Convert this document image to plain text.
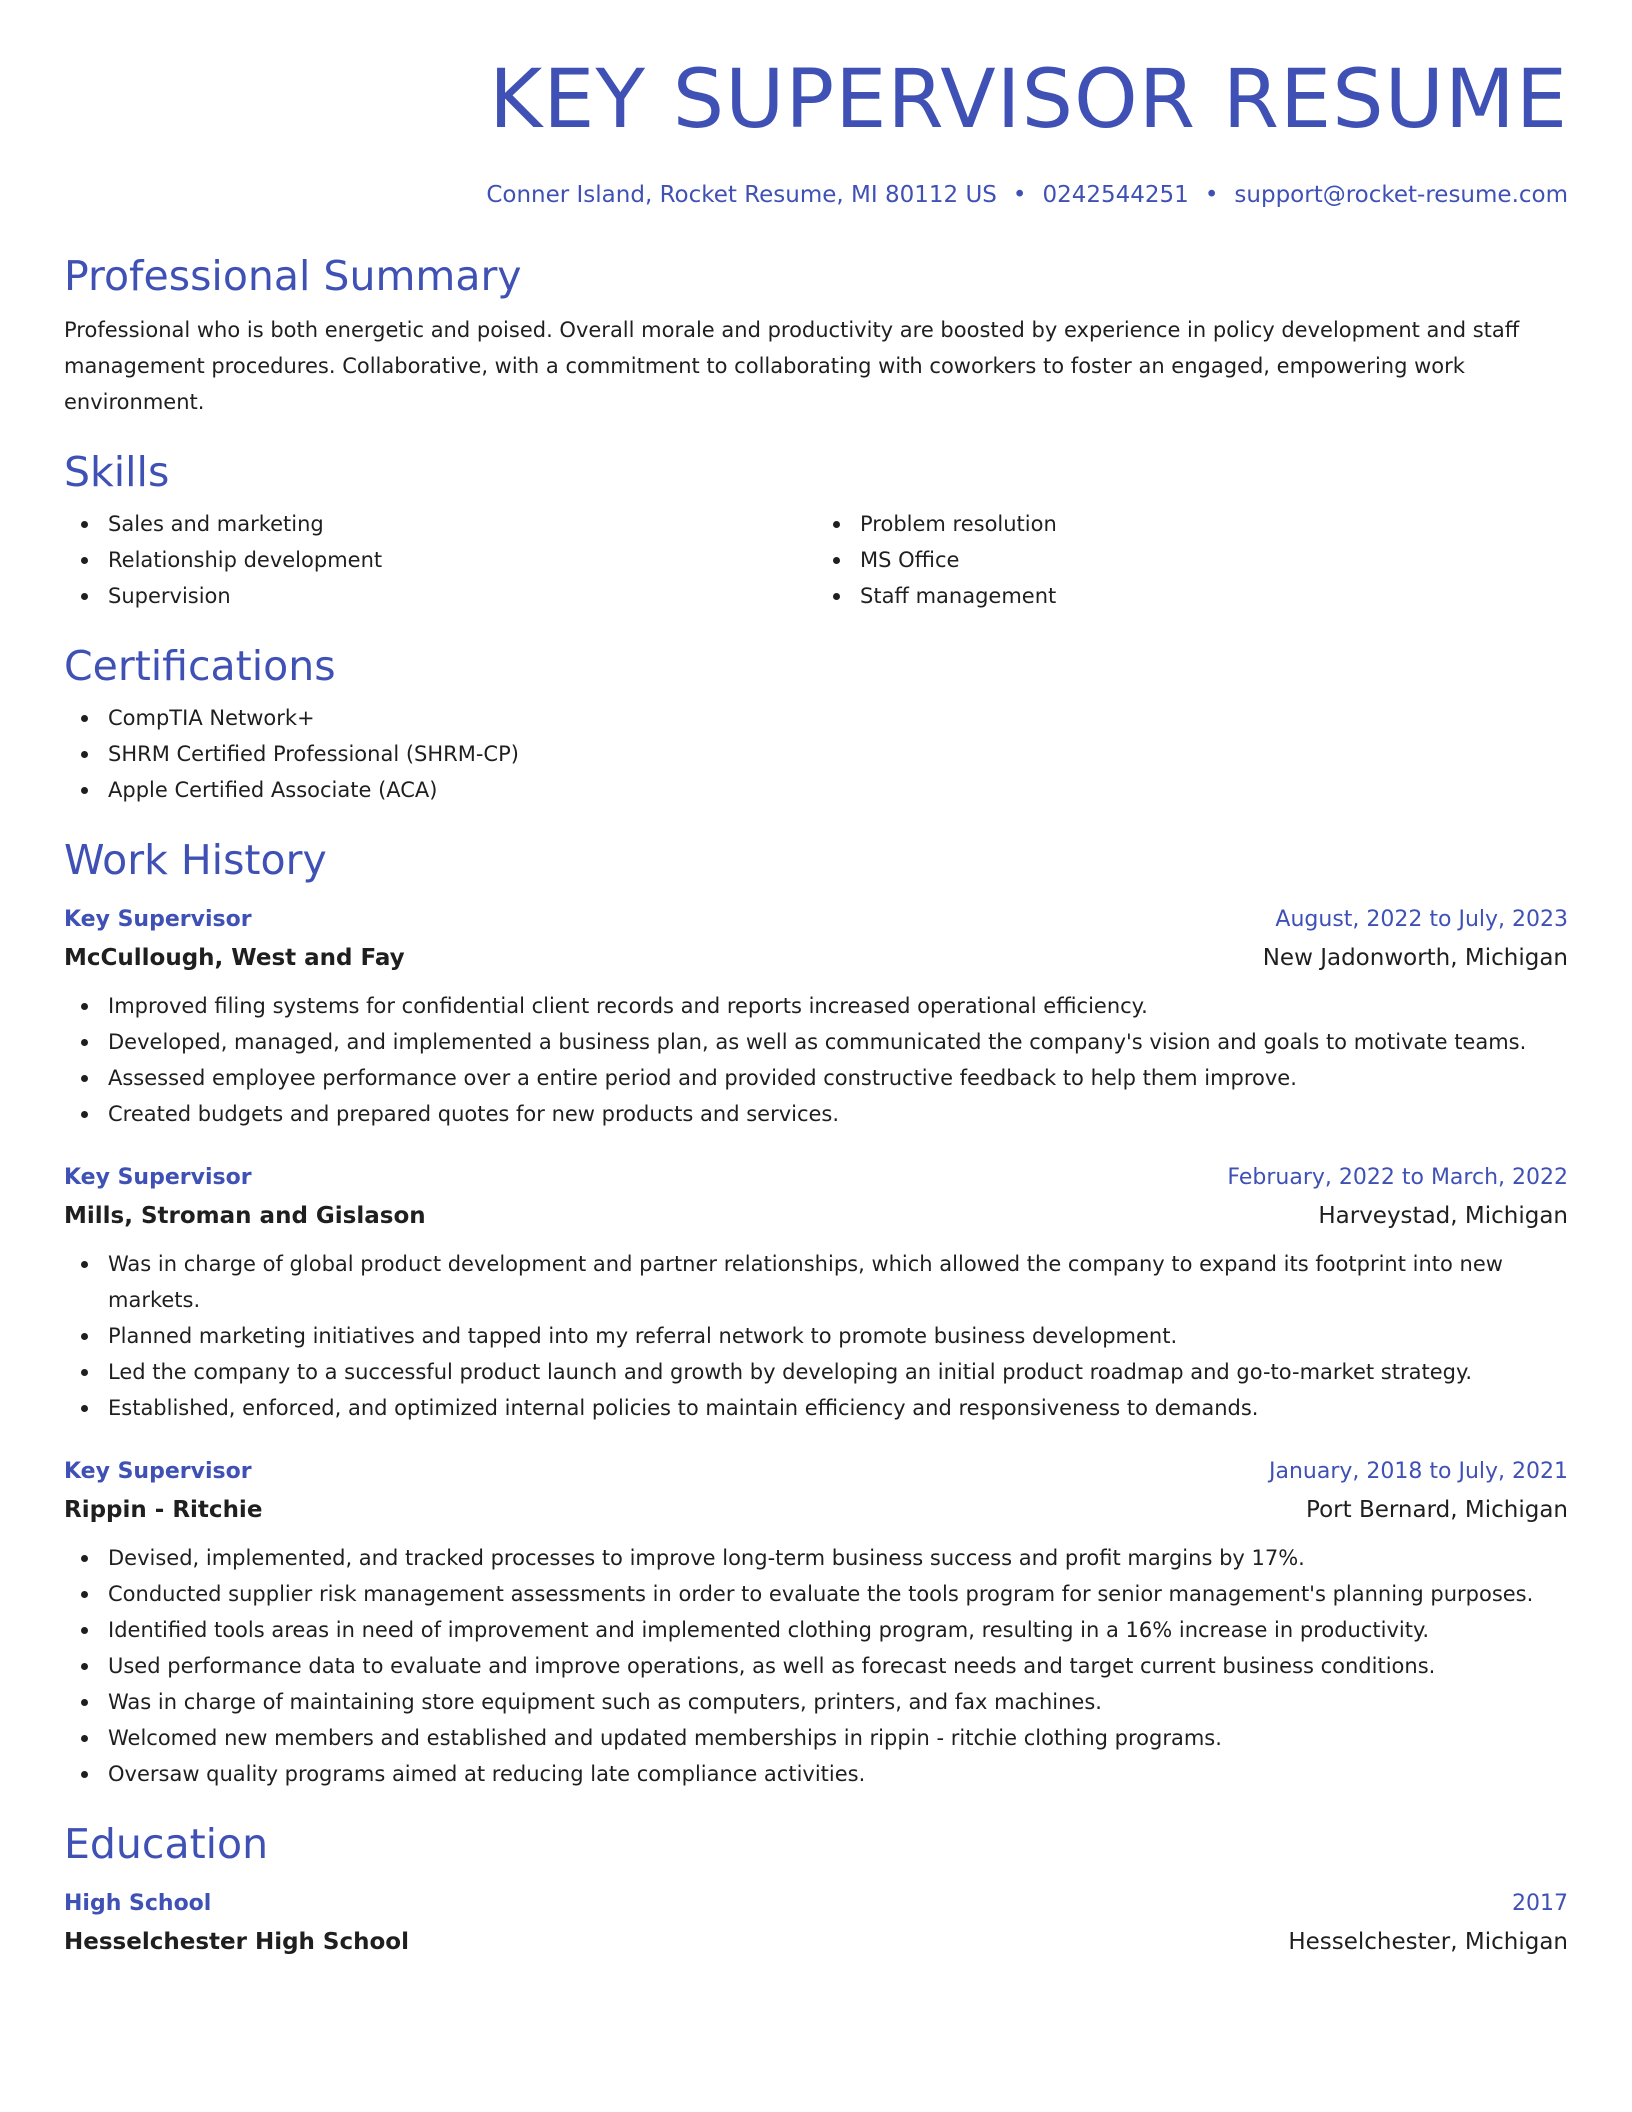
KEY SUPERVISOR RESUME
Conner Island, Rocket Resume, MI 80112 US • 0242544251 • support@rocket-resume.com
Professional Summary
Professional who is both energetic and poised. Overall morale and productivity are boosted by experience in policy development and staff management procedures. Collaborative, with a commitment to collaborating with coworkers to foster an engaged, empowering work environment.
Skills
Sales and marketing
Relationship development
Supervision
Problem resolution
MS Office
Staff management
Certifications
CompTIA Network+
SHRM Certified Professional (SHRM-CP)
Apple Certified Associate (ACA)
Work History
Key Supervisor	August, 2022 to July, 2023
McCullough, West and Fay	New Jadonworth, Michigan
Improved filing systems for confidential client records and reports increased operational efficiency.
Developed, managed, and implemented a business plan, as well as communicated the company's vision and goals to motivate teams.
Assessed employee performance over a entire period and provided constructive feedback to help them improve.
Created budgets and prepared quotes for new products and services.
Key Supervisor	February, 2022 to March, 2022
Mills, Stroman and Gislason	Harveystad, Michigan
Was in charge of global product development and partner relationships, which allowed the company to expand its footprint into new markets.
Planned marketing initiatives and tapped into my referral network to promote business development.
Led the company to a successful product launch and growth by developing an initial product roadmap and go-to-market strategy.
Established, enforced, and optimized internal policies to maintain efficiency and responsiveness to demands.
Key Supervisor	January, 2018 to July, 2021
Rippin - Ritchie	Port Bernard, Michigan
Devised, implemented, and tracked processes to improve long-term business success and profit margins by 17%.
Conducted supplier risk management assessments in order to evaluate the tools program for senior management's planning purposes.
Identified tools areas in need of improvement and implemented clothing program, resulting in a 16% increase in productivity.
Used performance data to evaluate and improve operations, as well as forecast needs and target current business conditions.
Was in charge of maintaining store equipment such as computers, printers, and fax machines.
Welcomed new members and established and updated memberships in rippin - ritchie clothing programs.
Oversaw quality programs aimed at reducing late compliance activities.
Education
High School	2017
Hesselchester High School	Hesselchester, Michigan
